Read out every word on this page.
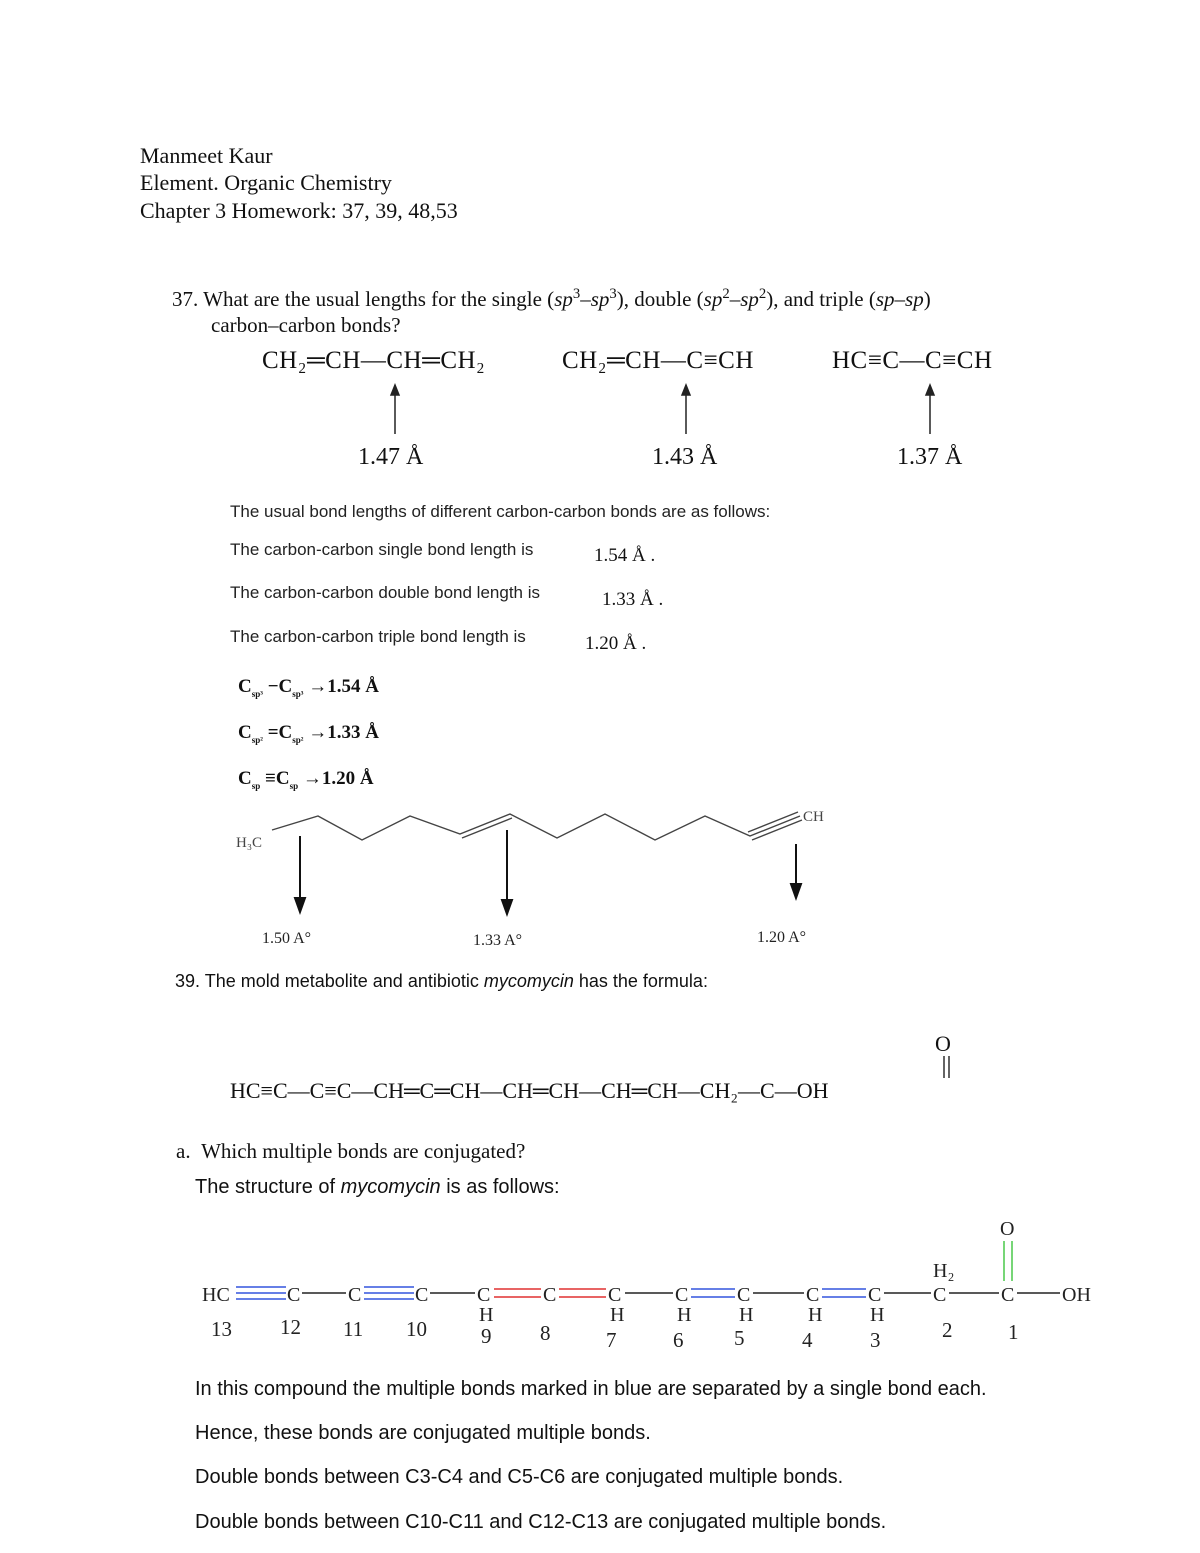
Manmeet Kaur
Element. Organic Chemistry
Chapter 3 Homework: 37, 39, 48,53
37. What are the usual lengths for the single $(sp^3-sp^3)$, double $(sp^2-sp^2)$, and triple (sp–sp)
carbon–carbon bonds?
CH₂═CH—CH═CH₂	CH₂═CH—C≡CH	HC≡C—C≡CH
1.47 Å	1.43 Å	1.37 Å
The usual bond lengths of different carbon-carbon bonds are as follows:
The carbon-carbon single bond length is	1.54 Å .
The carbon-carbon double bond length is	1.33 Å .
The carbon-carbon triple bond length is	1.20 Å .
$C_{sp^3} -C_{sp^3} \to 1.54$ Å
$C_{sp^2} =C_{sp^2} \to 1.33$ Å
$C_{sp} \equiv C_{sp} \to 1.20$ Å
H₃C
CH
1.50 A°	1.33 A°	1.20 A°
39. The mold metabolite and antibiotic mycomycin has the formula:
O
HC≡C—C≡C—CH═C═CH—CH═CH—CH═CH—CH₂—C—OH
a. Which multiple bonds are conjugated?
The structure of mycomycin is as follows:
HC	C C	C C	C	C	C C	C C	C	C OH
O
H	H	H H	H H
H₂
13 12 11 10	9 8	7	6 5	4	3	2	1
In this compound the multiple bonds marked in blue are separated by a single bond each.
Hence, these bonds are conjugated multiple bonds.
Double bonds between C3-C4 and C5-C6 are conjugated multiple bonds.
Double bonds between C10-C11 and C12-C13 are conjugated multiple bonds.
